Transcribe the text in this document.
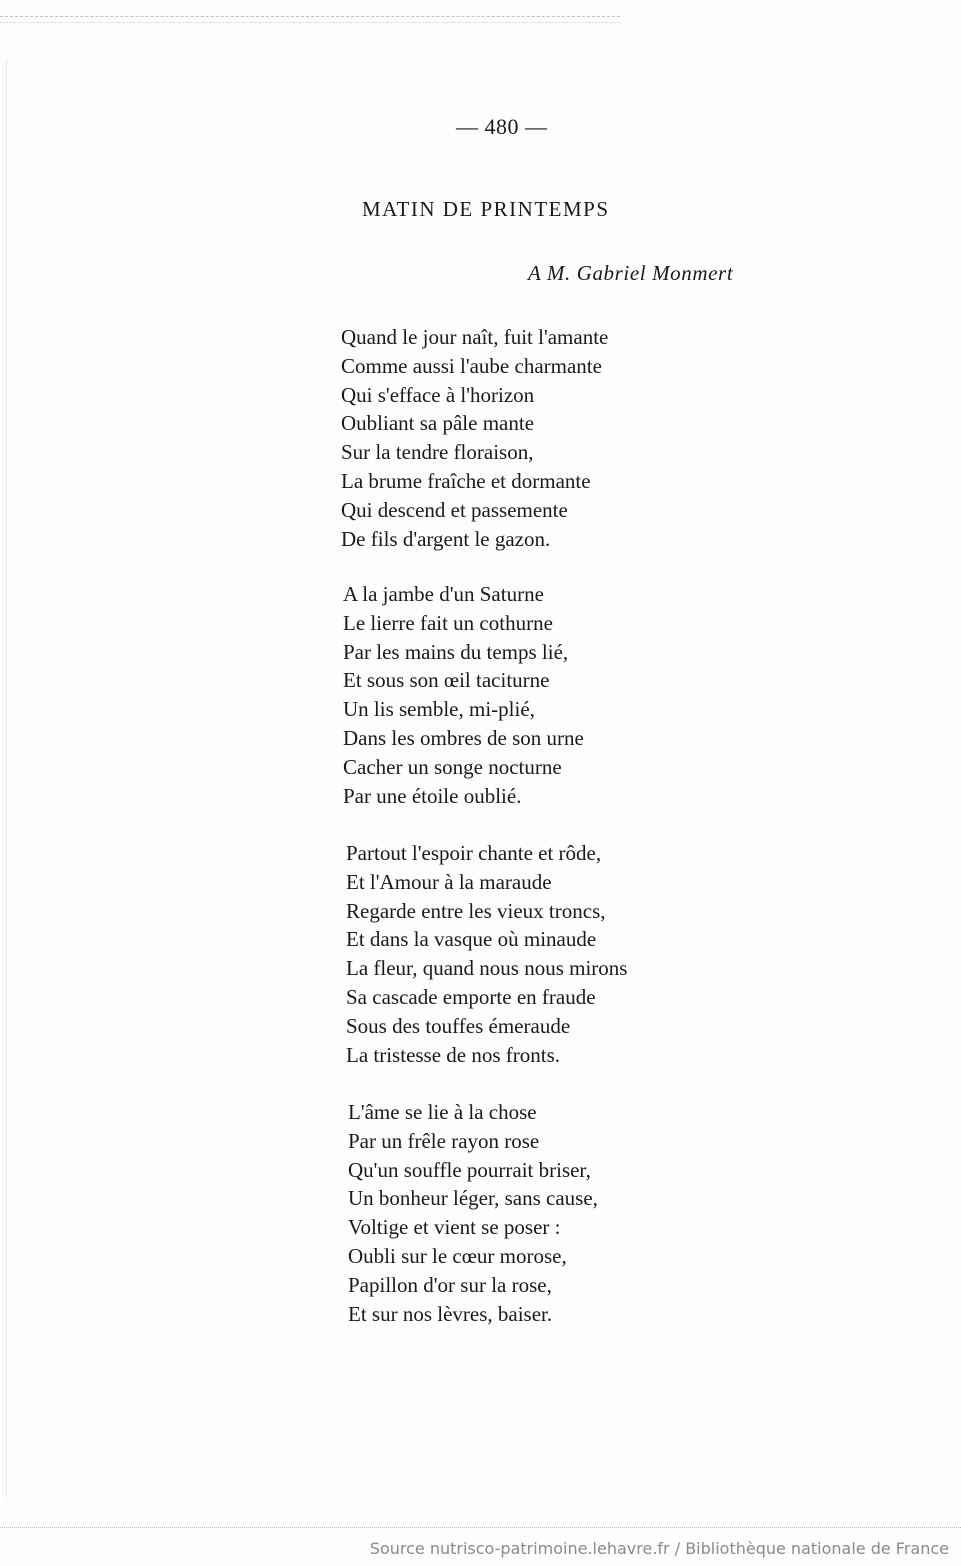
— 480 —
MATIN DE PRINTEMPS
A M. Gabriel Monmert
Quand le jour naît, fuit l'amante
Comme aussi l'aube charmante
Qui s'efface à l'horizon
Oubliant sa pâle mante
Sur la tendre floraison,
La brume fraîche et dormante
Qui descend et passemente
De fils d'argent le gazon.
A la jambe d'un Saturne
Le lierre fait un cothurne
Par les mains du temps lié,
Et sous son œil taciturne
Un lis semble, mi-plié,
Dans les ombres de son urne
Cacher un songe nocturne
Par une étoile oublié.
Partout l'espoir chante et rôde,
Et l'Amour à la maraude
Regarde entre les vieux troncs,
Et dans la vasque où minaude
La fleur, quand nous nous mirons
Sa cascade emporte en fraude
Sous des touffes émeraude
La tristesse de nos fronts.
L'âme se lie à la chose
Par un frêle rayon rose
Qu'un souffle pourrait briser,
Un bonheur léger, sans cause,
Voltige et vient se poser :
Oubli sur le cœur morose,
Papillon d'or sur la rose,
Et sur nos lèvres, baiser.
Source nutrisco-patrimoine.lehavre.fr / Bibliothèque nationale de France
